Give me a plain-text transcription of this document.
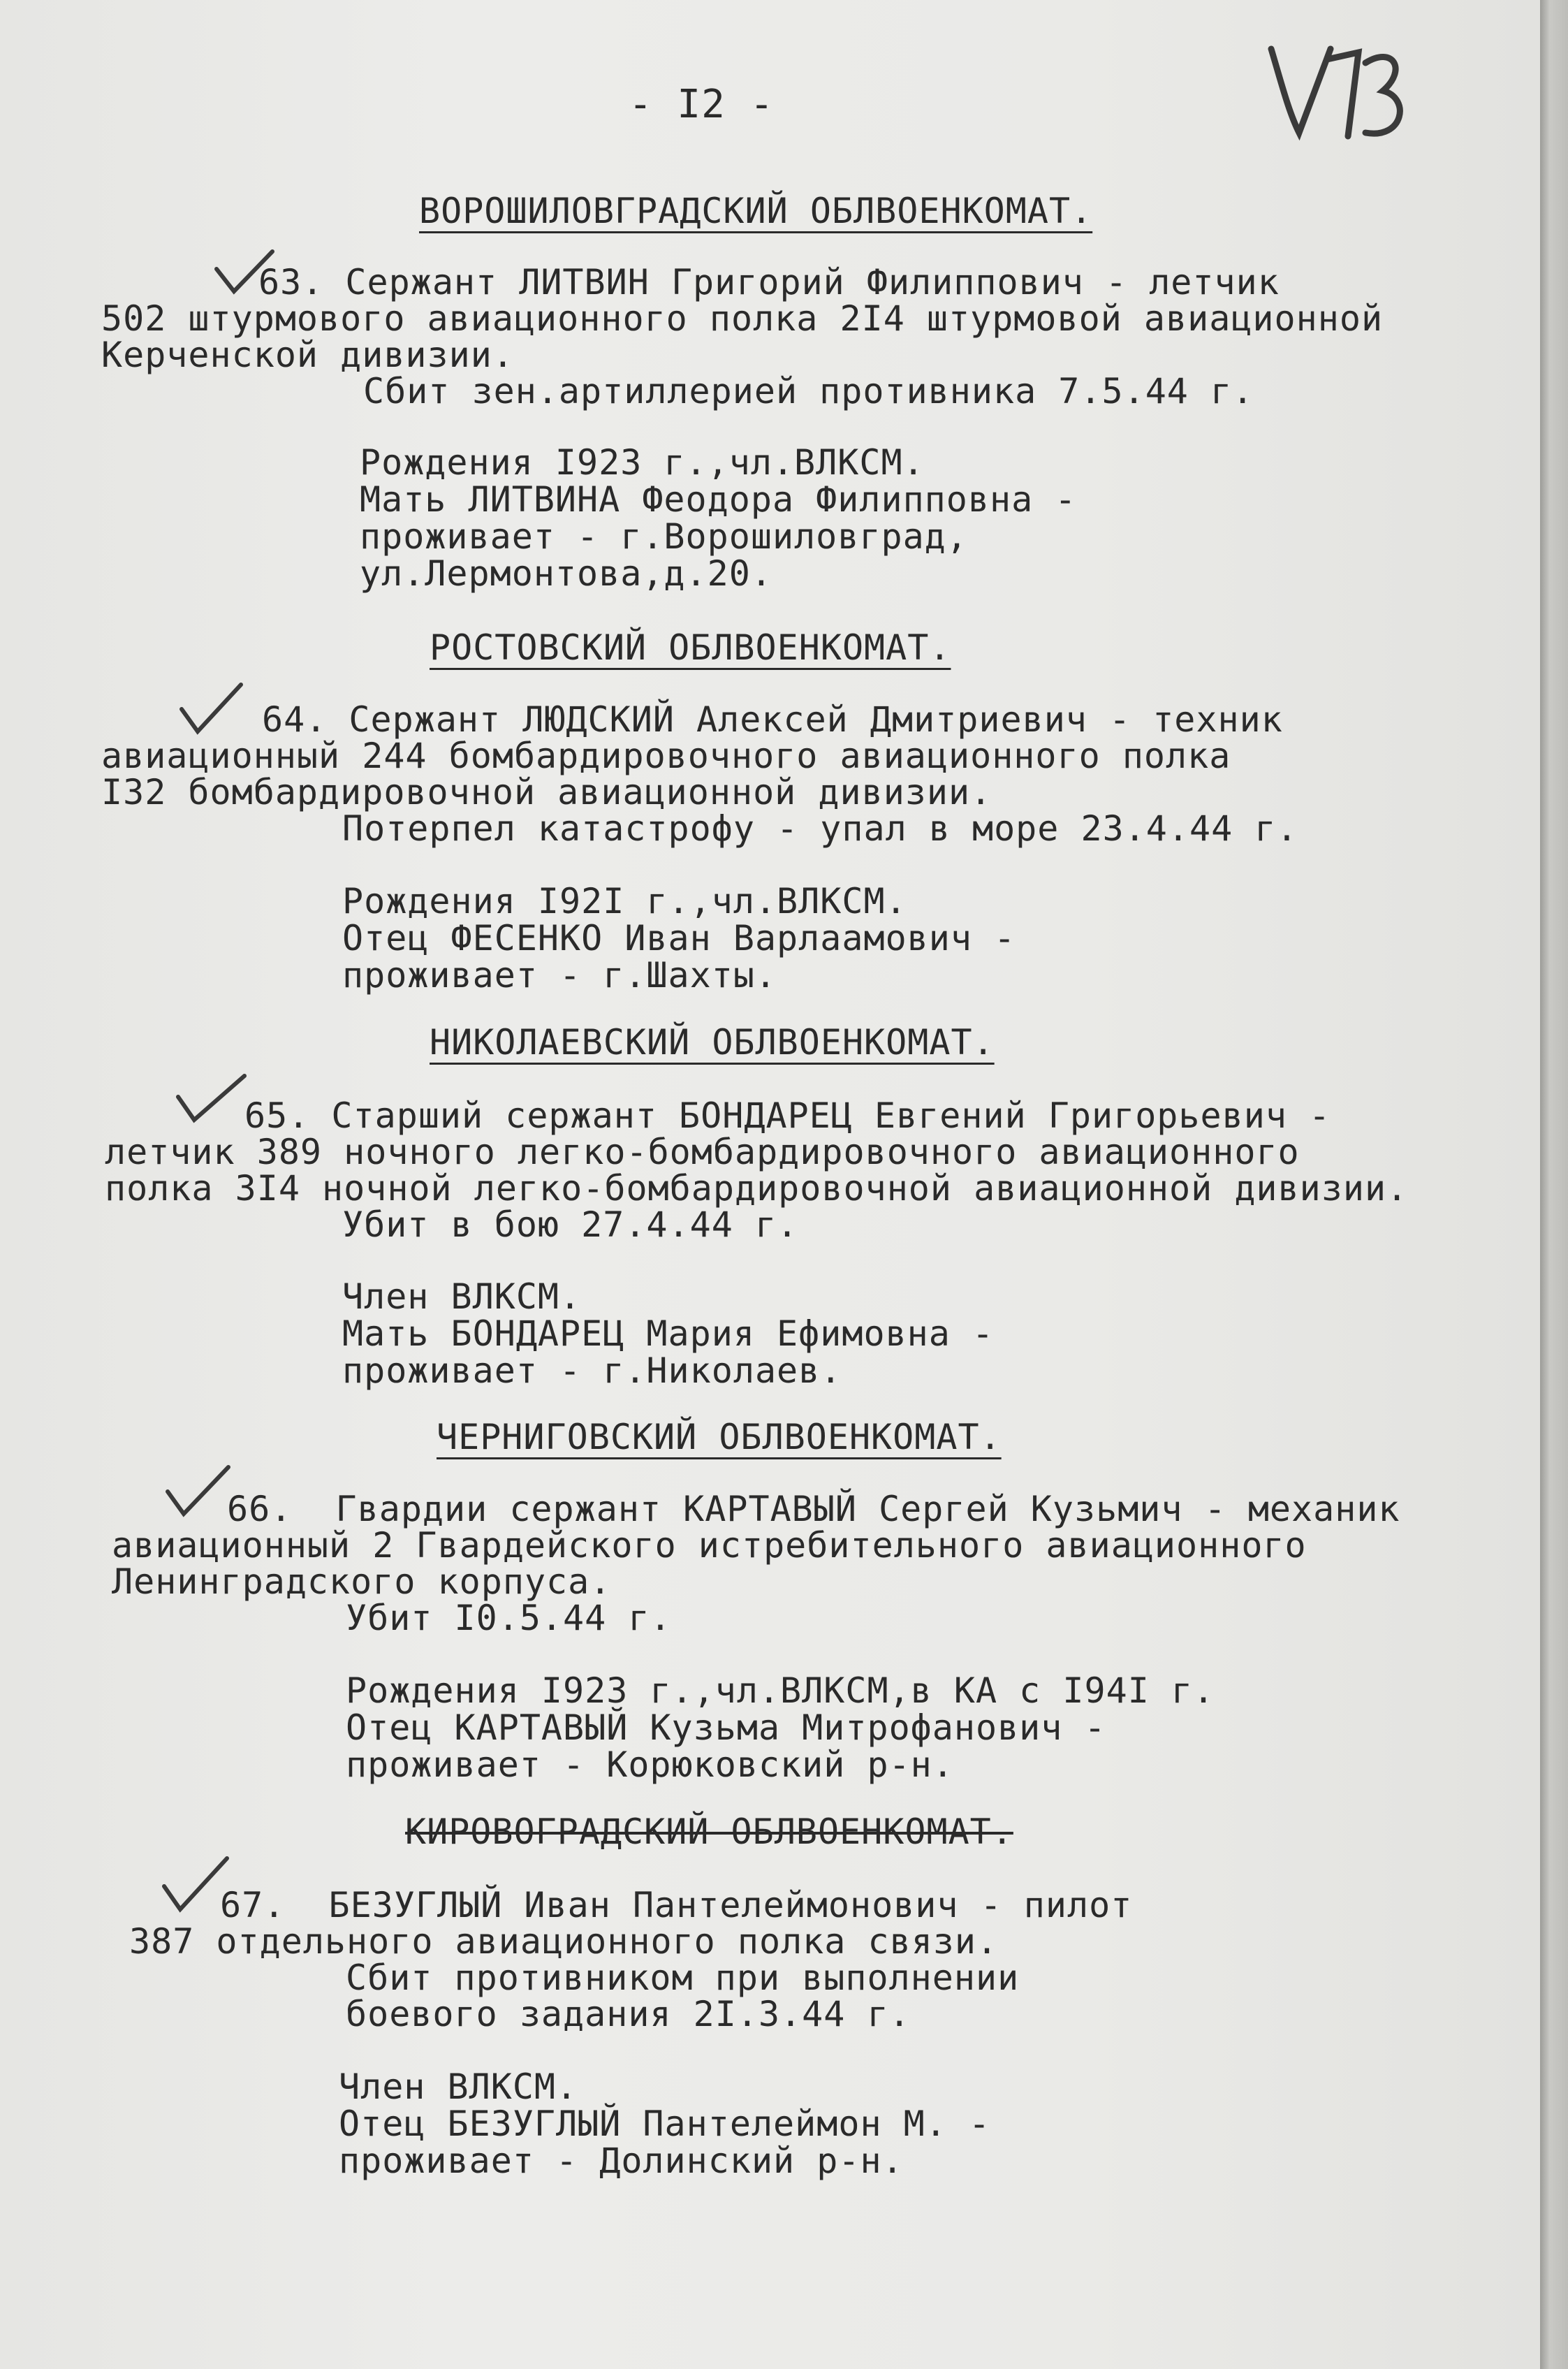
- I2 -
ВОРОШИЛОВГРАДСКИЙ ОБЛВОЕНКОМАТ.
63. Сержант ЛИТВИН Григорий Филиппович - летчик
502 штурмового авиационного полка 2I4 штурмовой авиационной
Керченской дивизии.
Сбит зен.артиллерией противника 7.5.44 г.
Рождения I923 г.,чл.ВЛКСМ.
Мать ЛИТВИНА Феодора Филипповна -
проживает - г.Ворошиловград,
ул.Лермонтова,д.20.
РОСТОВСКИЙ ОБЛВОЕНКОМАТ.
64. Сержант ЛЮДСКИЙ Алексей Дмитриевич - техник
авиационный 244 бомбардировочного авиационного полка
I32 бомбардировочной авиационной дивизии.
Потерпел катастрофу - упал в море 23.4.44 г.
Рождения I92I г.,чл.ВЛКСМ.
Отец ФЕСЕНКО Иван Варлаамович -
проживает - г.Шахты.
НИКОЛАЕВСКИЙ ОБЛВОЕНКОМАТ.
65. Старший сержант БОНДАРЕЦ Евгений Григорьевич -
летчик 389 ночного легко-бомбардировочного авиационного
полка 3I4 ночной легко-бомбардировочной авиационной дивизии.
Убит в бою 27.4.44 г.
Член ВЛКСМ.
Мать БОНДАРЕЦ Мария Ефимовна -
проживает - г.Николаев.
ЧЕРНИГОВСКИЙ ОБЛВОЕНКОМАТ.
66.  Гвардии сержант КАРТАВЫЙ Сергей Кузьмич - механик
авиационный 2 Гвардейского истребительного авиационного
Ленинградского корпуса.
Убит I0.5.44 г.
Рождения I923 г.,чл.ВЛКСМ,в КА с I94I г.
Отец КАРТАВЫЙ Кузьма Митрофанович -
проживает - Корюковский р-н.
КИРОВОГРАДСКИЙ ОБЛВОЕНКОМАТ.
67.  БЕЗУГЛЫЙ Иван Пантелеймонович - пилот
387 отдельного авиационного полка связи.
Сбит противником при выполнении
боевого задания 2I.3.44 г.
Член ВЛКСМ.
Отец БЕЗУГЛЫЙ Пантелеймон М. -
проживает - Долинский р-н.
